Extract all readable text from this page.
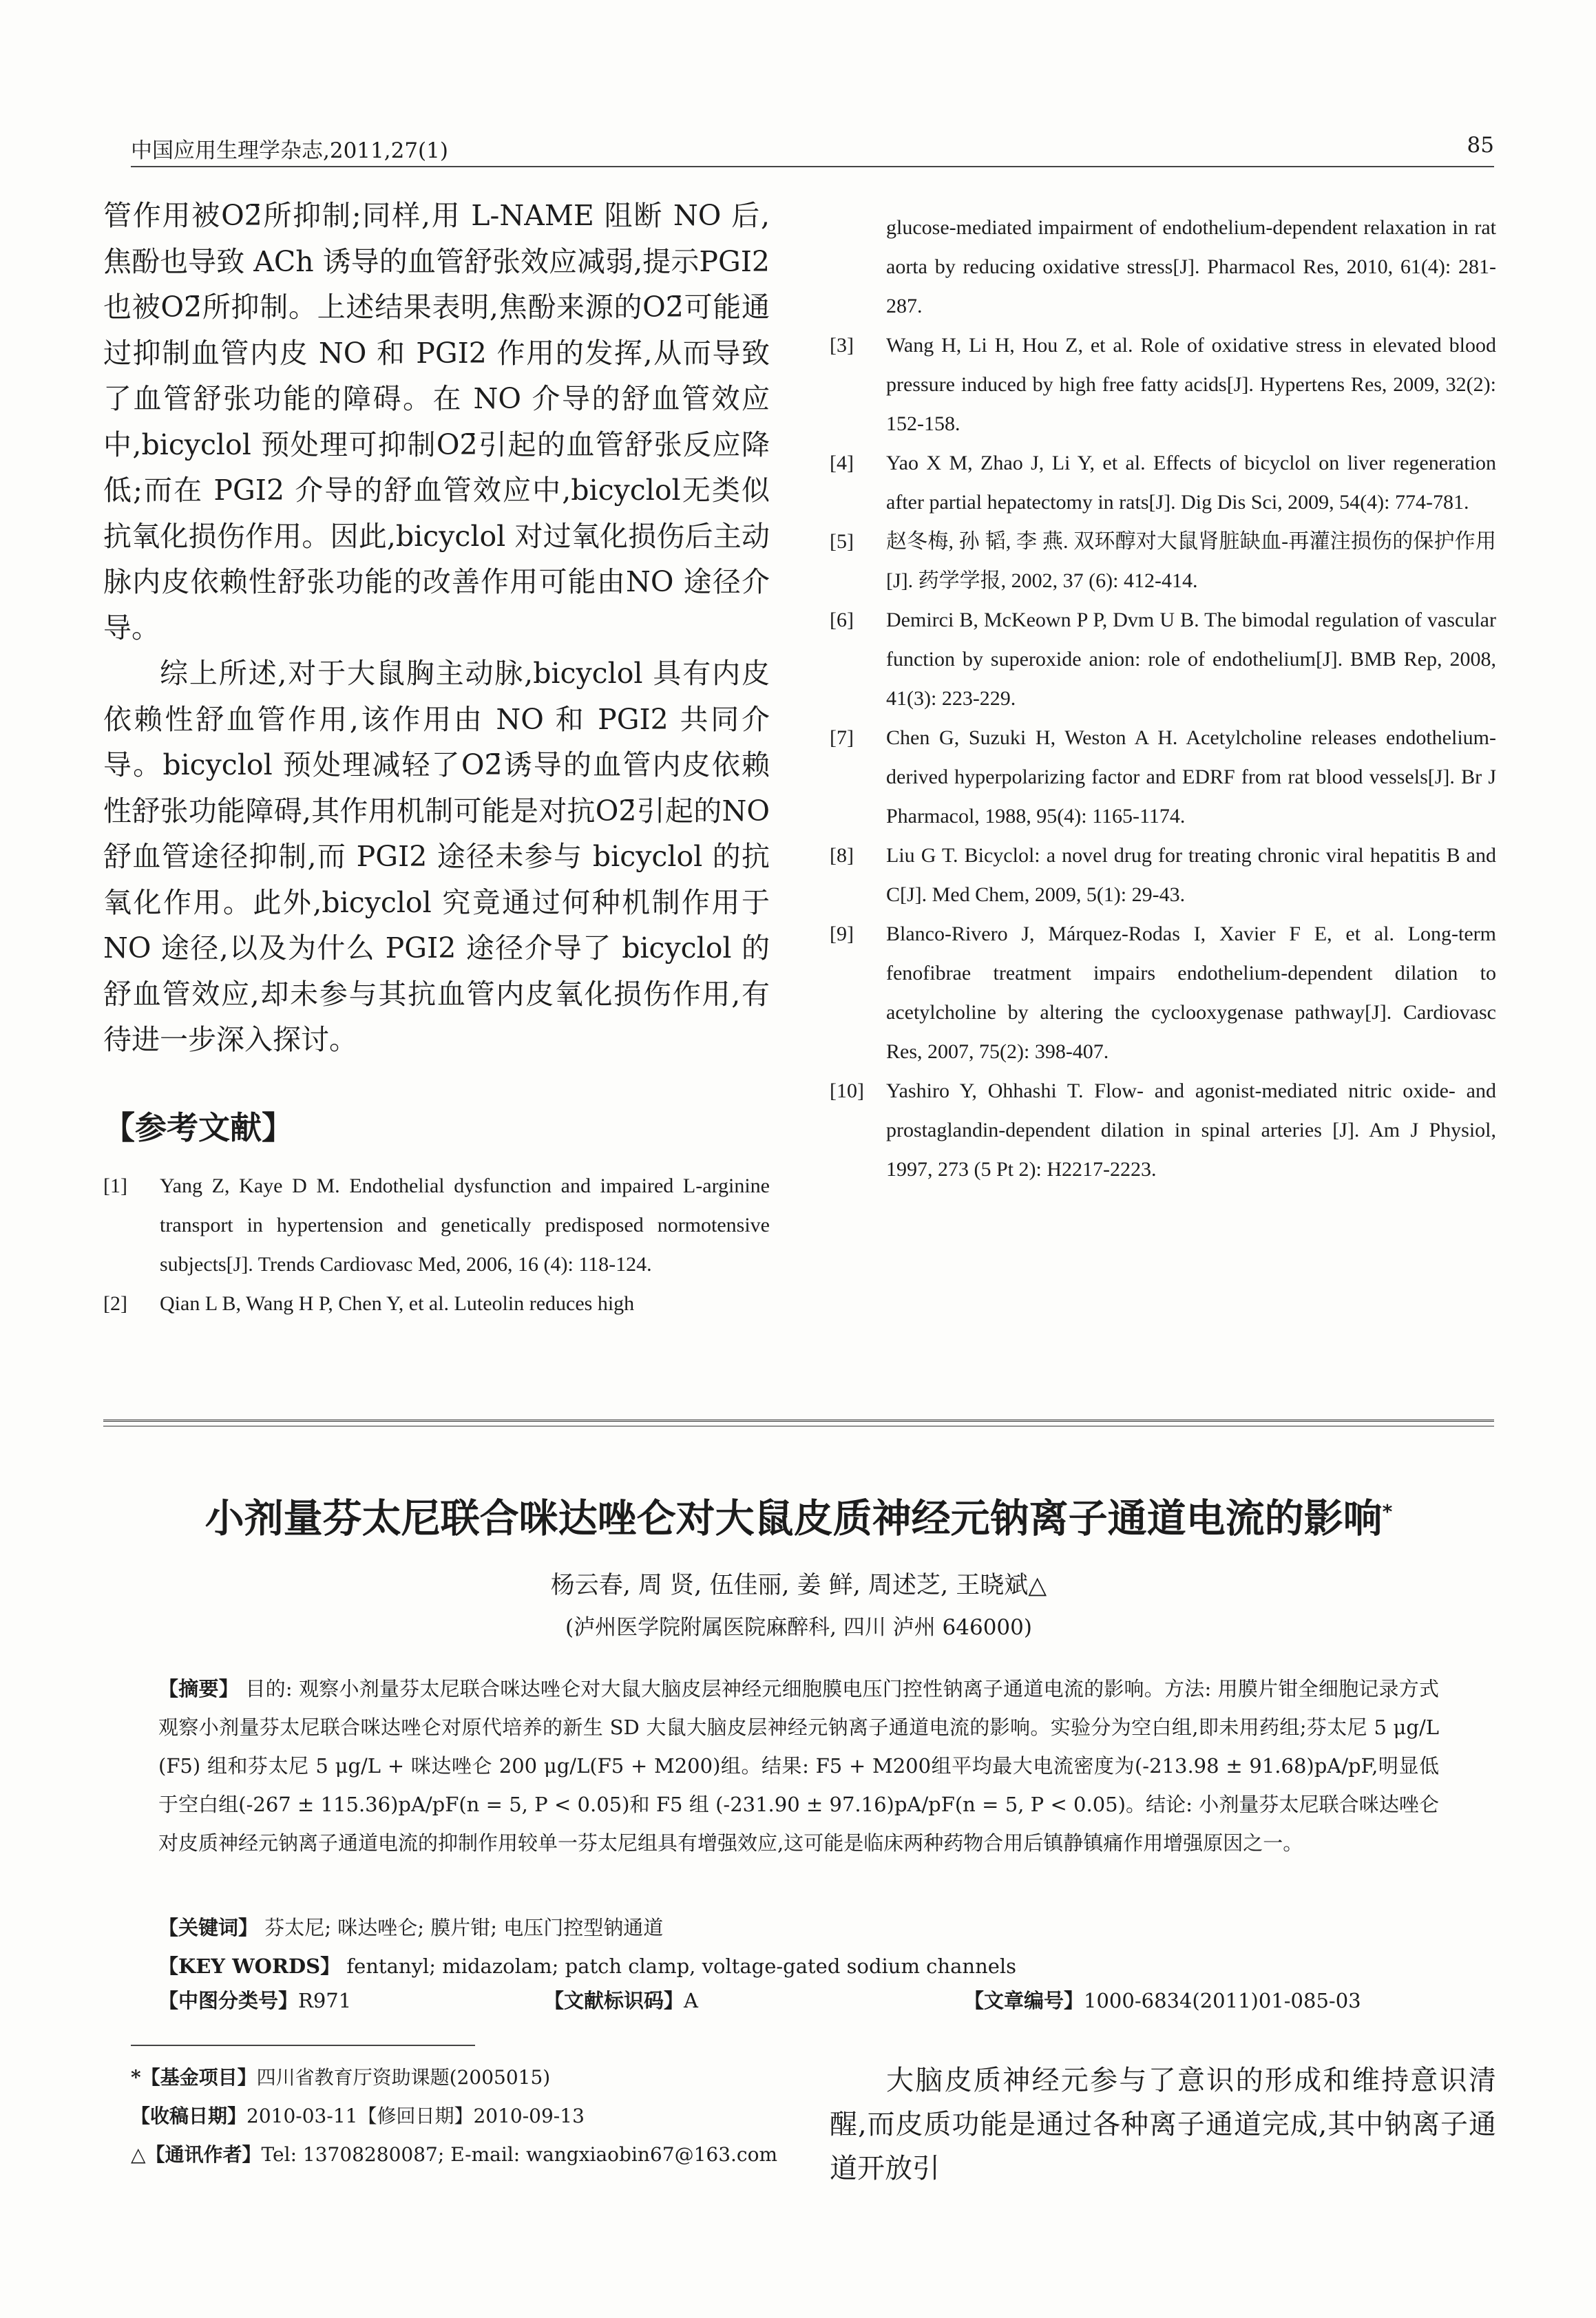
中国应用生理学杂志,2011,27(1)	85

管作用被O2̄所抑制;同样,用 L-NAME 阻断 NO 后,焦酚也导致 ACh 诱导的血管舒张效应减弱,提示PGI2 也被O2̄所抑制。上述结果表明,焦酚来源的O2̄可能通过抑制血管内皮 NO 和 PGI2 作用的发挥,从而导致了血管舒张功能的障碍。在 NO 介导的舒血管效应中,bicyclol 预处理可抑制O2̄引起的血管舒张反应降低;而在 PGI2 介导的舒血管效应中,bicyclol无类似抗氧化损伤作用。因此,bicyclol 对过氧化损伤后主动脉内皮依赖性舒张功能的改善作用可能由NO 途径介导。

综上所述,对于大鼠胸主动脉,bicyclol 具有内皮依赖性舒血管作用,该作用由 NO 和 PGI2 共同介导。bicyclol 预处理减轻了O2̄诱导的血管内皮依赖性舒张功能障碍,其作用机制可能是对抗O2̄引起的NO 舒血管途径抑制,而 PGI2 途径未参与 bicyclol 的抗氧化作用。此外,bicyclol 究竟通过何种机制作用于 NO 途径,以及为什么 PGI2 途径介导了 bicyclol 的舒血管效应,却未参与其抗血管内皮氧化损伤作用,有待进一步深入探讨。

【参考文献】
[1]	Yang Z, Kaye D M. Endothelial dysfunction and impaired L-arginine transport in hypertension and genetically predisposed normotensive subjects[J]. Trends Cardiovasc Med, 2006, 16 (4): 118-124.
[2]	Qian L B, Wang H P, Chen Y, et al. Luteolin reduces high
glucose-mediated impairment of endothelium-dependent relaxation in rat aorta by reducing oxidative stress[J]. Pharmacol Res, 2010, 61(4): 281-287.
[3]	Wang H, Li H, Hou Z, et al. Role of oxidative stress in elevated blood pressure induced by high free fatty acids[J]. Hypertens Res, 2009, 32(2): 152-158.
[4]	Yao X M, Zhao J, Li Y, et al. Effects of bicyclol on liver regeneration after partial hepatectomy in rats[J]. Dig Dis Sci, 2009, 54(4): 774-781.
[5]	赵冬梅, 孙 韬, 李 燕. 双环醇对大鼠肾脏缺血-再灌注损伤的保护作用[J]. 药学学报, 2002, 37 (6): 412-414.
[6]	Demirci B, McKeown P P, Dvm U B. The bimodal regulation of vascular function by superoxide anion: role of endothelium[J]. BMB Rep, 2008, 41(3): 223-229.
[7]	Chen G, Suzuki H, Weston A H. Acetylcholine releases endothelium-derived hyperpolarizing factor and EDRF from rat blood vessels[J]. Br J Pharmacol, 1988, 95(4): 1165-1174.
[8]	Liu G T. Bicyclol: a novel drug for treating chronic viral hepatitis B and C[J]. Med Chem, 2009, 5(1): 29-43.
[9]	Blanco-Rivero J, Márquez-Rodas I, Xavier F E, et al. Long-term fenofibrae treatment impairs endothelium-dependent dilation to acetylcholine by altering the cyclooxygenase pathway[J]. Cardiovasc Res, 2007, 75(2): 398-407.
[10]	Yashiro Y, Ohhashi T. Flow- and agonist-mediated nitric oxide- and prostaglandin-dependent dilation in spinal arteries [J]. Am J Physiol, 1997, 273 (5 Pt 2): H2217-2223.
小剂量芬太尼联合咪达唑仑对大鼠皮质神经元钠离子通道电流的影响*
杨云春, 周 贤, 伍佳丽, 姜 鲜, 周述芝, 王晓斌△
(泸州医学院附属医院麻醉科, 四川 泸州 646000)
【摘要】 目的: 观察小剂量芬太尼联合咪达唑仑对大鼠大脑皮层神经元细胞膜电压门控性钠离子通道电流的影响。方法: 用膜片钳全细胞记录方式观察小剂量芬太尼联合咪达唑仑对原代培养的新生 SD 大鼠大脑皮层神经元钠离子通道电流的影响。实验分为空白组,即未用药组;芬太尼 5 μg/L (F5) 组和芬太尼 5 μg/L + 咪达唑仑 200 μg/L(F5 + M200)组。结果: F5 + M200组平均最大电流密度为(-213.98 ± 91.68)pA/pF,明显低于空白组(-267 ± 115.36)pA/pF(n = 5, P < 0.05)和 F5 组 (-231.90 ± 97.16)pA/pF(n = 5, P < 0.05)。结论: 小剂量芬太尼联合咪达唑仑对皮质神经元钠离子通道电流的抑制作用较单一芬太尼组具有增强效应,这可能是临床两种药物合用后镇静镇痛作用增强原因之一。
【关键词】 芬太尼; 咪达唑仑; 膜片钳; 电压门控型钠通道
【KEY WORDS】 fentanyl; midazolam; patch clamp, voltage-gated sodium channels
【中图分类号】R971	【文献标识码】A	【文章编号】1000-6834(2011)01-085-03
*【基金项目】四川省教育厅资助课题(2005015)
【收稿日期】2010-03-11【修回日期】2010-09-13
△【通讯作者】Tel: 13708280087; E-mail: wangxiaobin67@163.com

大脑皮质神经元参与了意识的形成和维持意识清醒,而皮质功能是通过各种离子通道完成,其中钠离子通道开放引
